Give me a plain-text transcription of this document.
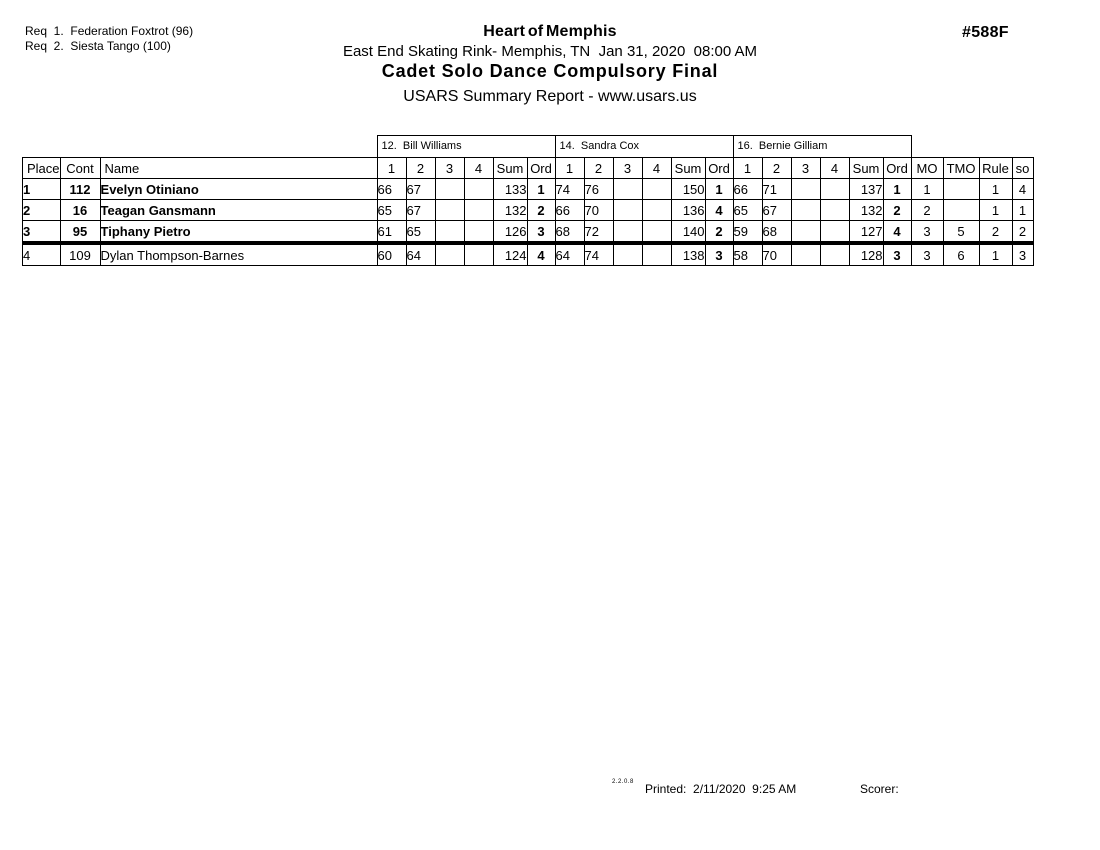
Req  1.  Federation Foxtrot (96)
Req  2.  Siesta Tango (100)
Heart of Memphis
East End Skating Rink- Memphis, TN  Jan 31, 2020  08:00 AM
Cadet Solo Dance Compulsory Final
USARS Summary Report - www.usars.us
#588F
			12.  Bill Williams						14.  Sandra Cox						16.  Bernie Gilliam									
Place	Cont	Name	1	2	3	4	Sum	Ord	1	2	3	4	Sum	Ord	1	2	3	4	Sum	Ord	MO	TMO	Rule	so
1	112	Evelyn Otiniano	66	67			133	1	74	76			150	1	66	71			137	1	1		1	4
2	16	Teagan Gansmann	65	67			132	2	66	70			136	4	65	67			132	2	2		1	1
3	95	Tiphany Pietro	61	65			126	3	68	72			140	2	59	68			127	4	3	5	2	2
4	109	Dylan Thompson-Barnes	60	64			124	4	64	74			138	3	58	70			128	3	3	6	1	3
2.2.0.8 Printed:  2/11/2020  9:25 AM	Scorer:
